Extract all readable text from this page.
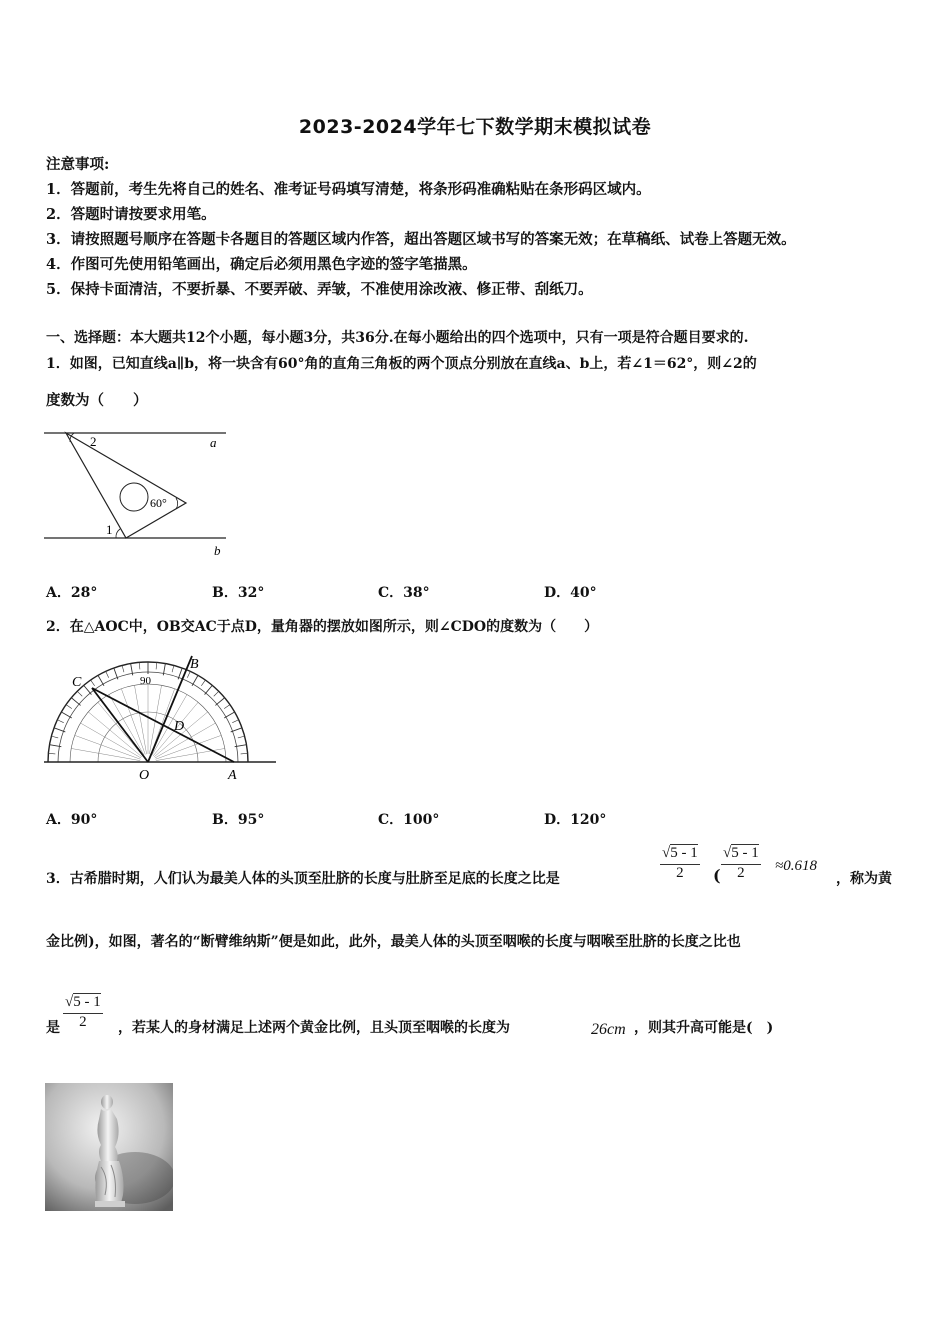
2023-2024学年七下数学期末模拟试卷
注意事项:
1．答题前，考生先将自己的姓名、准考证号码填写清楚，将条形码准确粘贴在条形码区域内。
2．答题时请按要求用笔。
3．请按照题号顺序在答题卡各题目的答题区域内作答，超出答题区域书写的答案无效；在草稿纸、试卷上答题无效。
4．作图可先使用铅笔画出，确定后必须用黑色字迹的签字笔描黑。
5．保持卡面清洁，不要折暴、不要弄破、弄皱，不准使用涂改液、修正带、刮纸刀。
一、选择题：本大题共12个小题，每小题3分，共36分.在每小题给出的四个选项中，只有一项是符合题目要求的.
1．如图，已知直线a∥b，将一块含有60°角的直角三角板的两个顶点分别放在直线a、b上，若∠1＝62°，则∠2的
度数为（　　）
a
b
2
1
60°
A．28°	B．32°	C．38°	D．40°
2．在△AOC中，OB交AC于点D，量角器的摆放如图所示，则∠CDO的度数为（　　）
C
B
D
O	A
90
A．90°	B．95°	C．100°	D．120°
3．古希腊时期，人们认为最美人体的头顶至肚脐的长度与肚脐至足底的长度之比是
√5 - 1
2	(
√5 - 1
2	≈0.618
，称为黄
金比例)，如图，著名的“断臂维纳斯”便是如此，此外，最美人体的头顶至咽喉的长度与咽喉至肚脐的长度之比也
是
√5 - 1
2	，若某人的身材满足上述两个黄金比例，且头顶至咽喉的长度为	26cm ，则其升高可能是(　)
